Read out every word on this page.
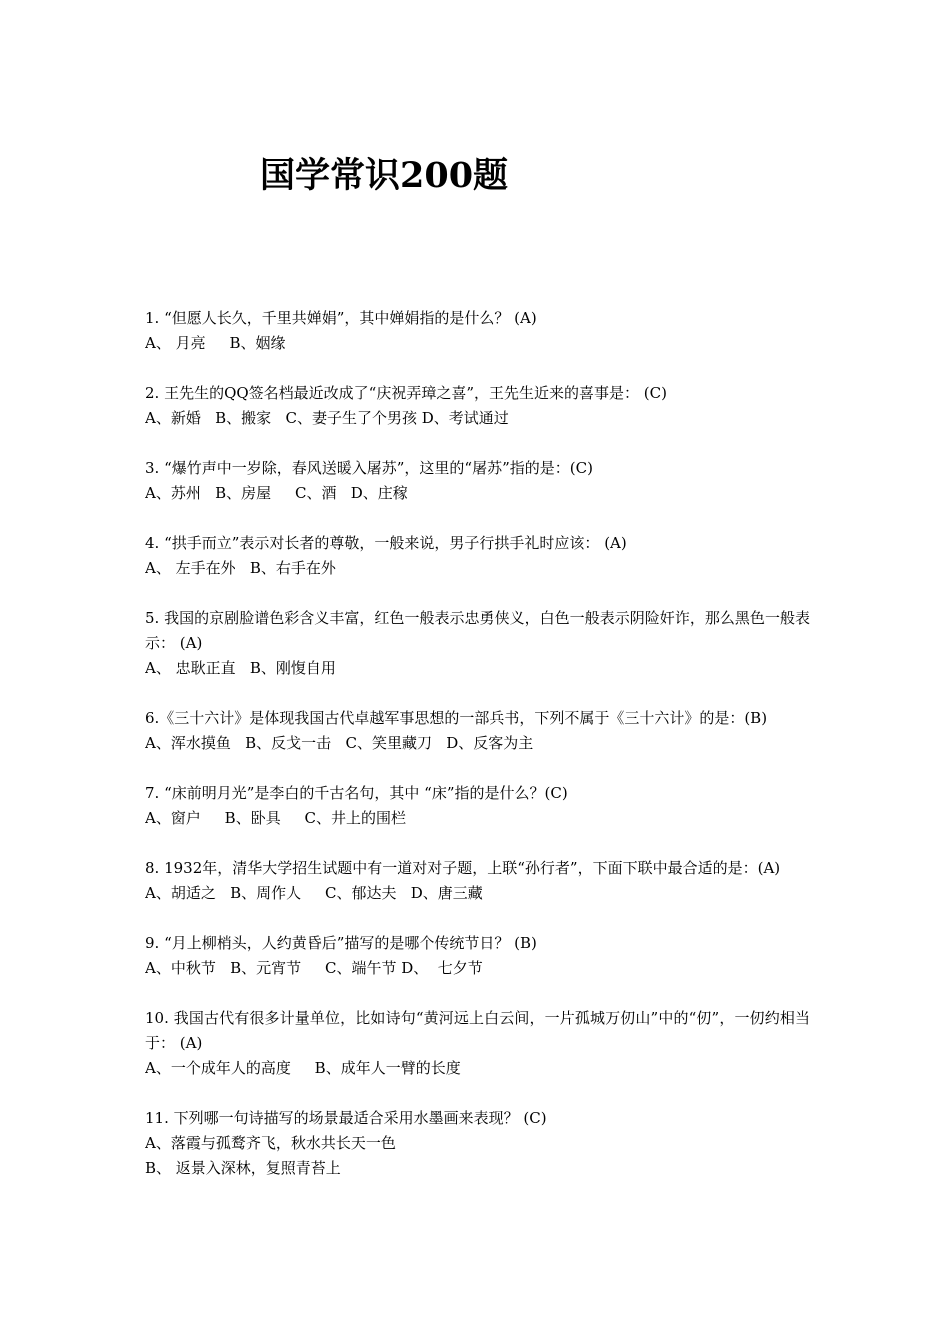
国学常识200题
1. “但愿人长久，千里共婵娟”，其中婵娟指的是什么？ (A)
A、 月亮     B、姻缘
2. 王先生的QQ签名档最近改成了“庆祝弄璋之喜”，王先生近来的喜事是： (C)
A、新婚   B、搬家   C、妻子生了个男孩 D、考试通过
3. “爆竹声中一岁除，春风送暖入屠苏”，这里的“屠苏”指的是：(C)
A、苏州   B、房屋     C、酒   D、庄稼
4. “拱手而立”表示对长者的尊敬，一般来说，男子行拱手礼时应该： (A)
A、 左手在外   B、右手在外
5. 我国的京剧脸谱色彩含义丰富，红色一般表示忠勇侠义，白色一般表示阴险奸诈，那么黑色一般表示： (A)
A、 忠耿正直   B、刚愎自用
6.《三十六计》是体现我国古代卓越军事思想的一部兵书，下列不属于《三十六计》的是：(B)
A、浑水摸鱼   B、反戈一击   C、笑里藏刀   D、反客为主
7. “床前明月光”是李白的千古名句，其中 “床”指的是什么？(C)
A、窗户     B、卧具     C、井上的围栏
8. 1932年，清华大学招生试题中有一道对对子题，上联“孙行者”，下面下联中最合适的是：(A)
A、胡适之   B、周作人     C、郁达夫   D、唐三藏
9. “月上柳梢头，人约黄昏后”描写的是哪个传统节日？ (B)
A、中秋节   B、元宵节     C、端午节 D、  七夕节
10. 我国古代有很多计量单位，比如诗句“黄河远上白云间，一片孤城万仞山”中的“仞”，一仞约相当于： (A)
A、一个成年人的高度     B、成年人一臂的长度
11. 下列哪一句诗描写的场景最适合采用水墨画来表现？ (C)
A、落霞与孤鹜齐飞，秋水共长天一色
B、 返景入深林，复照青苔上
